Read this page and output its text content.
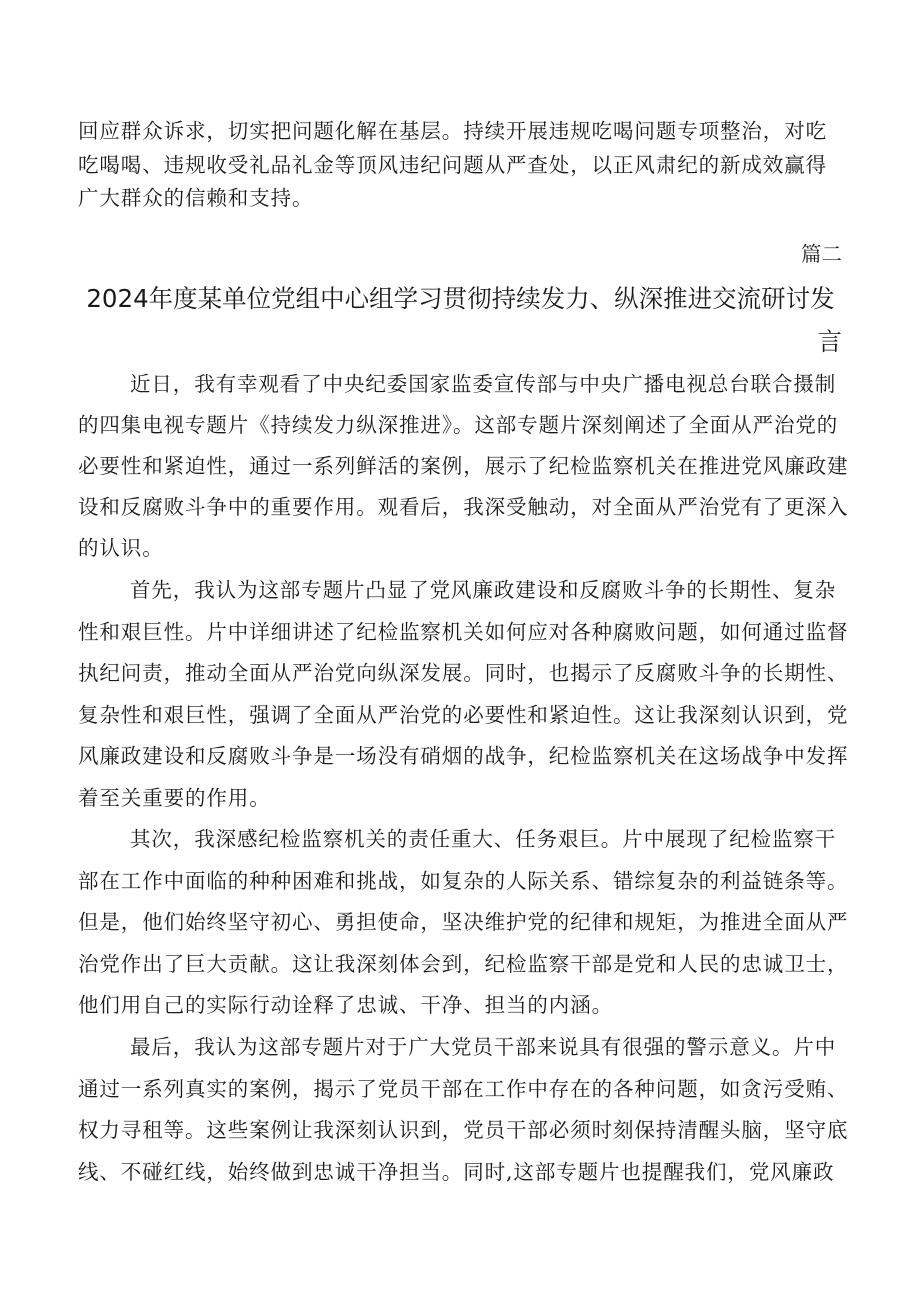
回应群众诉求，切实把问题化解在基层。持续开展违规吃喝问题专项整治，对吃
吃喝喝、违规收受礼品礼金等顶风违纪问题从严查处，以正风肃纪的新成效赢得
广大群众的信赖和支持。
篇二
2024年度某单位党组中心组学习贯彻持续发力、纵深推进交流研讨发
言
近日，我有幸观看了中央纪委国家监委宣传部与中央广播电视总台联合摄制
的四集电视专题片《持续发力纵深推进》。这部专题片深刻阐述了全面从严治党的
必要性和紧迫性，通过一系列鲜活的案例，展示了纪检监察机关在推进党风廉政建
设和反腐败斗争中的重要作用。观看后，我深受触动，对全面从严治党有了更深入
的认识。
首先，我认为这部专题片凸显了党风廉政建设和反腐败斗争的长期性、复杂
性和艰巨性。片中详细讲述了纪检监察机关如何应对各种腐败问题，如何通过监督
执纪问责，推动全面从严治党向纵深发展。同时，也揭示了反腐败斗争的长期性、
复杂性和艰巨性，强调了全面从严治党的必要性和紧迫性。这让我深刻认识到，党
风廉政建设和反腐败斗争是一场没有硝烟的战争，纪检监察机关在这场战争中发挥
着至关重要的作用。
其次，我深感纪检监察机关的责任重大、任务艰巨。片中展现了纪检监察干
部在工作中面临的种种困难和挑战，如复杂的人际关系、错综复杂的利益链条等。
但是，他们始终坚守初心、勇担使命，坚决维护党的纪律和规矩，为推进全面从严
治党作出了巨大贡献。这让我深刻体会到，纪检监察干部是党和人民的忠诚卫士，
他们用自己的实际行动诠释了忠诚、干净、担当的内涵。
最后，我认为这部专题片对于广大党员干部来说具有很强的警示意义。片中
通过一系列真实的案例，揭示了党员干部在工作中存在的各种问题，如贪污受贿、
权力寻租等。这些案例让我深刻认识到，党员干部必须时刻保持清醒头脑，坚守底
线、不碰红线，始终做到忠诚干净担当。同时,这部专题片也提醒我们，党风廉政
